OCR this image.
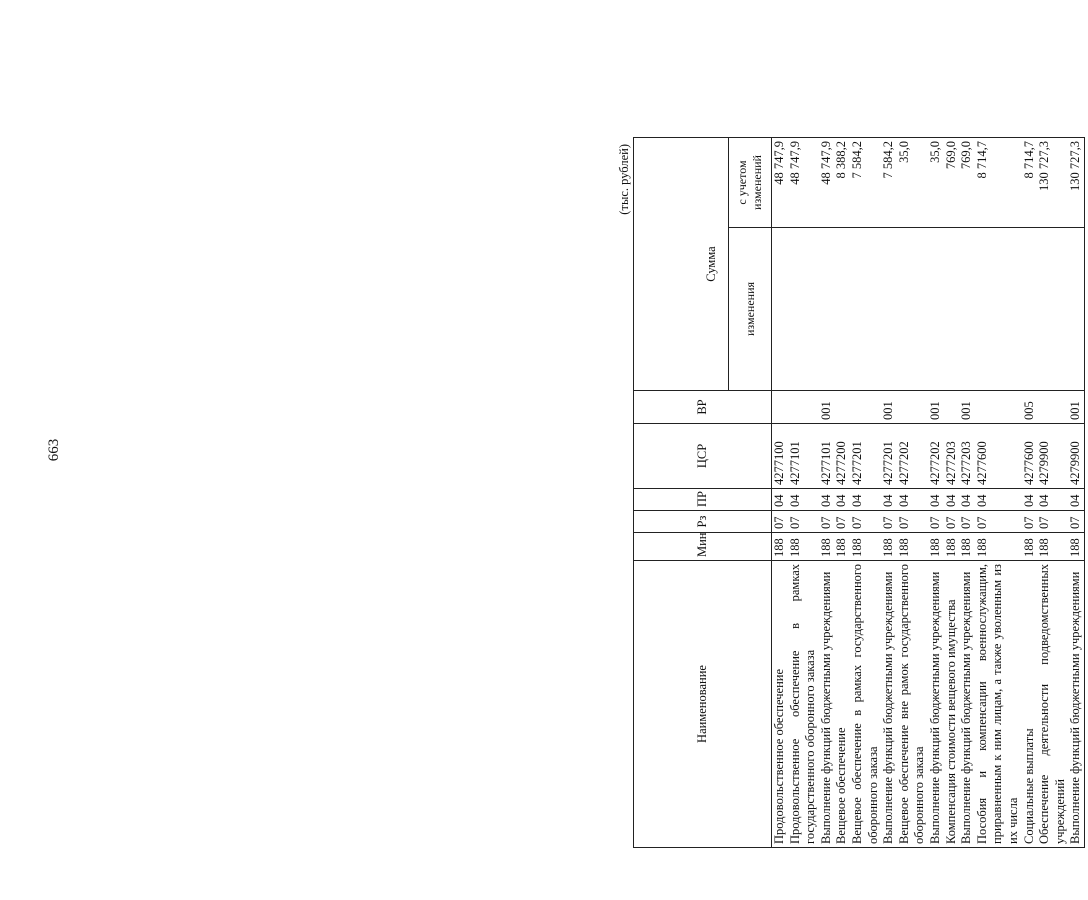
663
(тыс. рублей)
Наименование	Мин	Рз	ПР	ЦСР	ВР		
						Сумма	
						изменения	с учетом изменений
Продовольственное обеспечение	188	07	04	4277100			48 747,9
Продовольственное обеспечение в рамках государственного оборонного заказа	188	07	04	4277101			48 747,9
Выполнение функций бюджетными учреждениями	188	07	04	4277101	001		48 747,9
Вещевое обеспечение	188	07	04	4277200			8 388,2
Вещевое обеспечение в рамках государственного оборонного заказа	188	07	04	4277201			7 584,2
Выполнение функций бюджетными учреждениями	188	07	04	4277201	001		7 584,2
Вещевое обеспечение вне рамок государственного оборонного заказа	188	07	04	4277202			35,0
Выполнение функций бюджетными учреждениями	188	07	04	4277202	001		35,0
Компенсация стоимости вещевого имущества	188	07	04	4277203			769,0
Выполнение функций бюджетными учреждениями	188	07	04	4277203	001		769,0
Пособия и компенсации военнослужащим, приравненным к ним лицам, а также уволенным из их числа	188	07	04	4277600			8 714,7
Социальные выплаты	188	07	04	4277600	005		8 714,7
Обеспечение деятельности подведомственных учреждений	188	07	04	4279900			130 727,3
Выполнение функций бюджетными учреждениями	188	07	04	4279900	001		130 727,3
